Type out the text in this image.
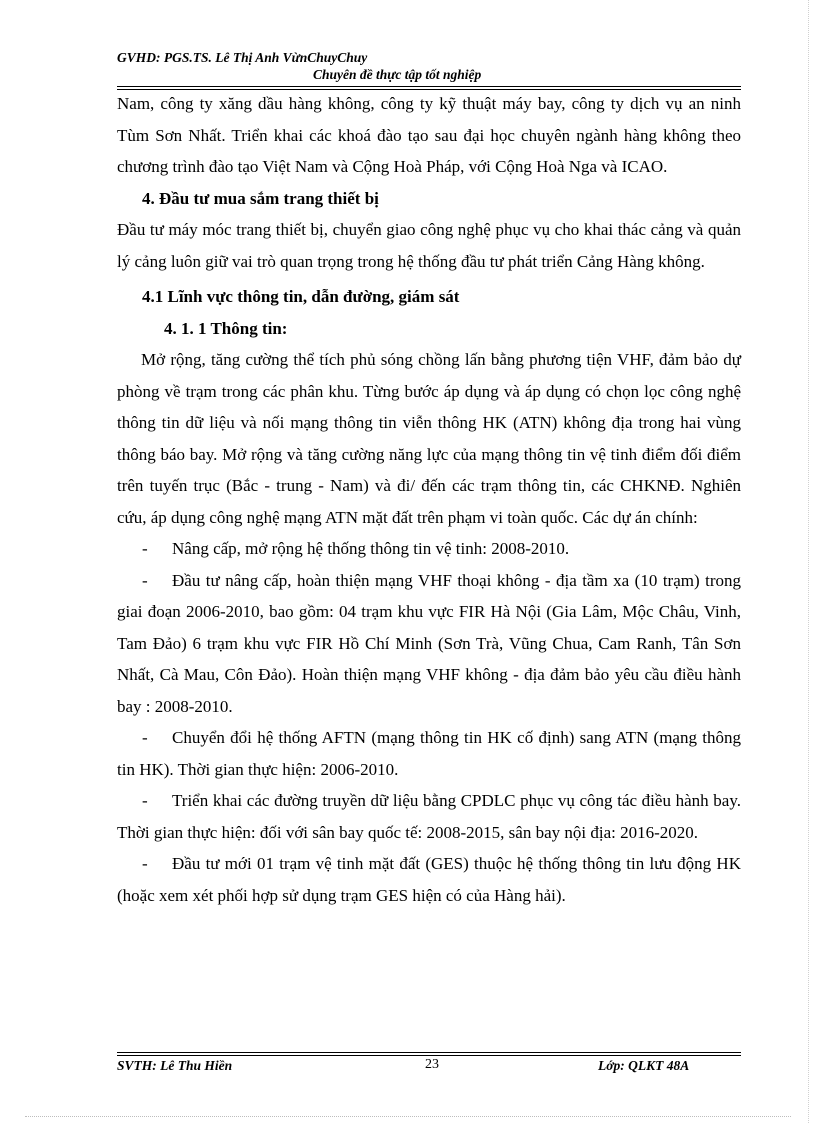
GVHD: PGS.TS. Lê Thị Anh VừnChuyChuy
Chuyên đề thực tập tốt nghiệp

Nam, công ty xăng dầu hàng không, công ty kỹ thuật máy bay, công ty dịch vụ an ninh Tùm Sơn Nhất. Triển khai các khoá đào tạo sau đại học chuyên ngành hàng không theo chương trình đào tạo Việt Nam và Cộng Hoà Pháp, với Cộng Hoà Nga và ICAO.

4. Đầu tư mua sắm trang thiết bị

Đầu tư máy móc trang thiết bị, chuyển giao công nghệ phục vụ cho khai thác cảng và quản lý cảng luôn giữ vai trò quan trọng trong hệ thống đầu tư phát triển Cảng Hàng không.

4.1 Lĩnh vực thông tin, dẫn đường, giám sát

4. 1. 1 Thông tin:

Mở rộng, tăng cường thể tích phủ sóng chồng lấn bằng phương tiện VHF, đảm bảo dự phòng về trạm trong các phân khu. Từng bước áp dụng và áp dụng có chọn lọc công nghệ thông tin dữ liệu và nối mạng thông tin viễn thông HK (ATN) không địa trong hai vùng thông báo bay. Mở rộng và tăng cường năng lực của mạng thông tin vệ tinh điểm đối điểm trên tuyến trục (Bắc - trung - Nam) và đi/ đến các trạm thông tin, các CHKNĐ. Nghiên cứu, áp dụng công nghệ mạng ATN mặt đất trên phạm vi toàn quốc. Các dự án chính:

- Nâng cấp, mở rộng hệ thống thông tin vệ tinh: 2008-2010.

- Đầu tư nâng cấp, hoàn thiện mạng VHF thoại không - địa tầm xa (10 trạm) trong giai đoạn 2006-2010, bao gồm: 04 trạm khu vực FIR Hà Nội (Gia Lâm, Mộc Châu, Vinh, Tam Đảo) 6 trạm khu vực FIR Hồ Chí Minh (Sơn Trà, Vũng Chua, Cam Ranh, Tân Sơn Nhất, Cà Mau, Côn Đảo). Hoàn thiện mạng VHF không - địa đảm bảo yêu cầu điều hành bay : 2008-2010.

- Chuyển đổi hệ thống AFTN (mạng thông tin HK cố định) sang ATN (mạng thông tin HK). Thời gian thực hiện: 2006-2010.

- Triển khai các đường truyền dữ liệu bằng CPDLC phục vụ công tác điều hành bay. Thời gian thực hiện: đối với sân bay quốc tế: 2008-2015, sân bay nội địa: 2016-2020.

- Đầu tư mới 01 trạm vệ tinh mặt đất (GES) thuộc hệ thống thông tin lưu động HK (hoặc xem xét phối hợp sử dụng trạm GES hiện có của Hàng hải).

SVTH: Lê Thu Hiền	23	Lớp: QLKT 48A
